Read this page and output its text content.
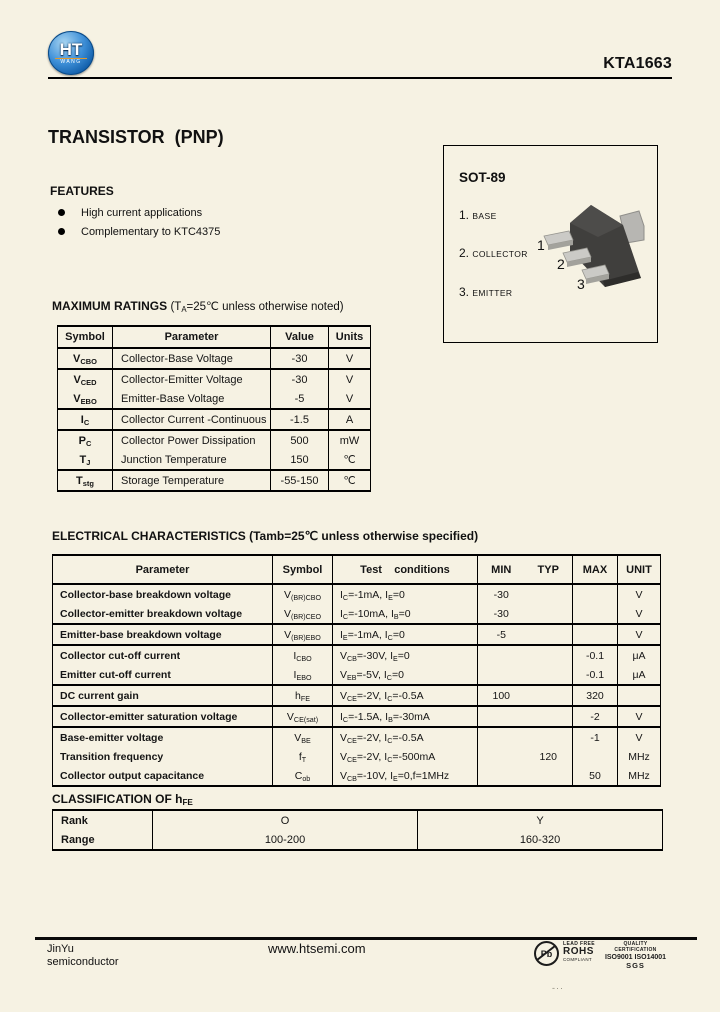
HT
WANG	KTA1663
TRANSISTOR  (PNP)
FEATURES
High current applications
Complementary to KTC4375
SOT-89
1. BASE
2. COLLECTOR
3. EMITTER
1
2
3
MAXIMUM RATINGS ($T_A=25℃$ unless otherwise noted)
Symbol	Parameter	Value	Units
$V_{CBO}$	Collector-Base Voltage	-30	V
$V_{CED}$	Collector-Emitter Voltage	-30	V
$V_{EBO}$	Emitter-Base Voltage	-5	V
$I_C$	Collector Current -Continuous	-1.5	A
$P_C$	Collector Power Dissipation	500	mW
$T_J$	Junction Temperature	150	℃
$T_{stg}$	Storage Temperature	-55-150	℃
ELECTRICAL CHARACTERISTICS (Tamb=25℃ unless otherwise specified)
Parameter	Symbol	Test    conditions	MIN	TYP	MAX	UNIT
Collector-base breakdown voltage	$V_{(BR)CBO}$	$I_C=-1mA$, $I_E=0$	-30			V
Collector-emitter breakdown voltage	$V_{(BR)CEO}$	$I_C=-10mA$, $I_B=0$	-30			V
Emitter-base breakdown voltage	$V_{(BR)EBO}$	$I_E=-1mA$, $I_C=0$	-5			V
Collector cut-off current	$I_{CBO}$	$V_{CB}=-30V$, $I_E=0$			-0.1	μA
Emitter cut-off current	$I_{EBO}$	$V_{EB}=-5V$, $I_C=0$			-0.1	μA
DC current gain	$h_{FE}$	$V_{CE}=-2V$, $I_C=-0.5A$	100		320	
Collector-emitter saturation voltage	$V_{CE(sat)}$	$I_C=-1.5A$, $I_B=-30mA$			-2	V
Base-emitter voltage	$V_{BE}$	$V_{CE}=-2V$, $I_C=-0.5A$			-1	V
Transition frequency	$f_T$	$V_{CE}=-2V$, $I_C=-500mA$		120		MHz
Collector output capacitance	$C_{ob}$	$V_{CB}=-10V$, $I_E=0,f=1MHz$			50	MHz
CLASSIFICATION OF $h_{FE}$
Rank	O	Y
Range	100-200	160-320
JinYu
semiconductor
www.htsemi.com	Pb
LEAD FREE
ROHS
COMPLIANT
QUALITY
CERTIFICATION
ISO9001 ISO14001
SGS
-··
